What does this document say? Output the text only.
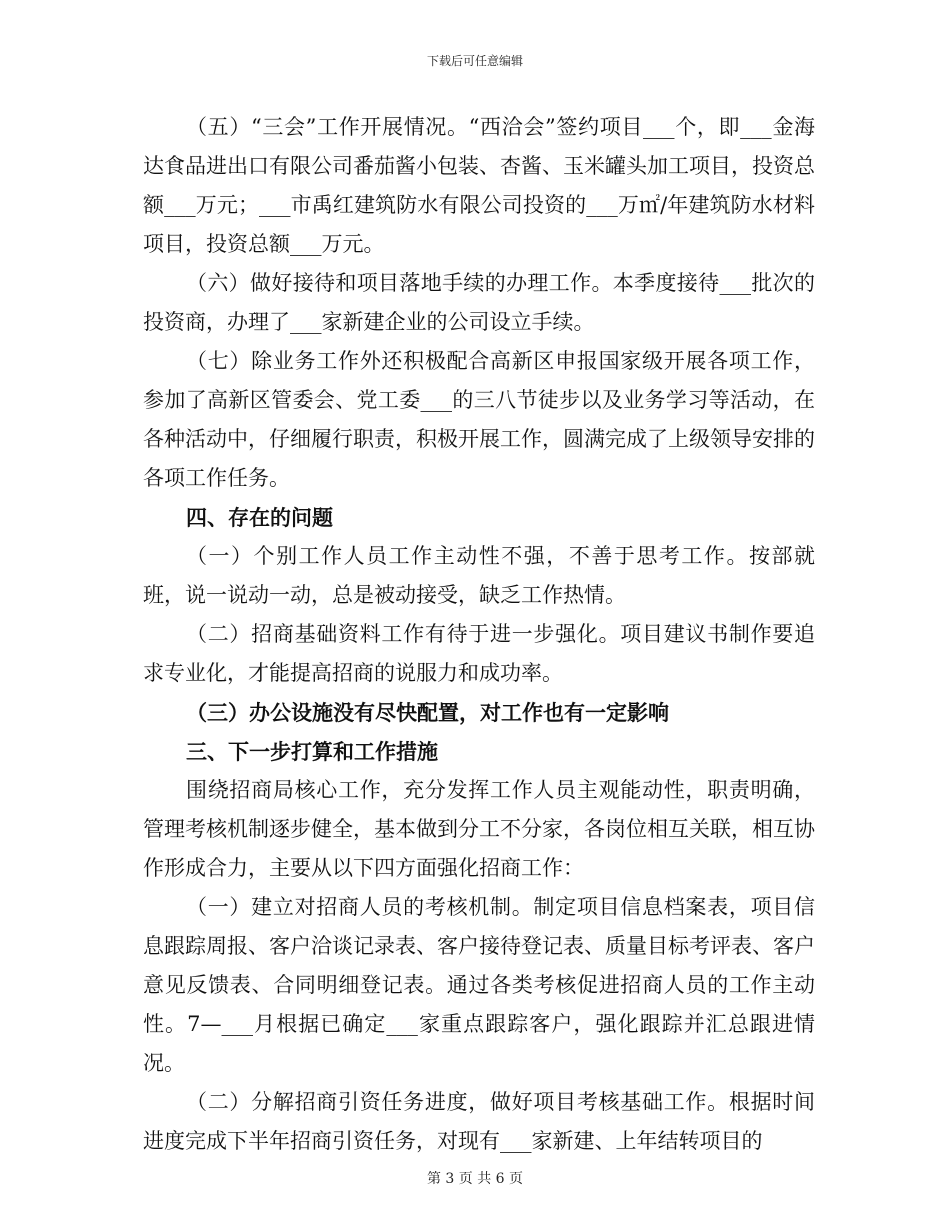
下载后可任意编辑

（五）“三会”工作开展情况。“西洽会”签约项目___个，即___金海达食品进出口有限公司番茄酱小包装、杏酱、玉米罐头加工项目，投资总额___万元；___市禹红建筑防水有限公司投资的___万㎡/年建筑防水材料项目，投资总额___万元。

（六）做好接待和项目落地手续的办理工作。本季度接待___批次的投资商，办理了___家新建企业的公司设立手续。

（七）除业务工作外还积极配合高新区申报国家级开展各项工作，参加了高新区管委会、党工委___的三八节徒步以及业务学习等活动，在各种活动中，仔细履行职责，积极开展工作，圆满完成了上级领导安排的各项工作任务。

四、存在的问题

（一）个别工作人员工作主动性不强，不善于思考工作。按部就班，说一说动一动，总是被动接受，缺乏工作热情。

（二）招商基础资料工作有待于进一步强化。项目建议书制作要追求专业化，才能提高招商的说服力和成功率。

（三）办公设施没有尽快配置，对工作也有一定影响

三、下一步打算和工作措施

围绕招商局核心工作，充分发挥工作人员主观能动性，职责明确，管理考核机制逐步健全，基本做到分工不分家，各岗位相互关联，相互协作形成合力，主要从以下四方面强化招商工作：

（一）建立对招商人员的考核机制。制定项目信息档案表，项目信息跟踪周报、客户洽谈记录表、客户接待登记表、质量目标考评表、客户意见反馈表、合同明细登记表。通过各类考核促进招商人员的工作主动性。7—___月根据已确定___家重点跟踪客户，强化跟踪并汇总跟进情况。

（二）分解招商引资任务进度，做好项目考核基础工作。根据时间进度完成下半年招商引资任务，对现有___家新建、上年结转项目的

第 3 页 共 6 页
